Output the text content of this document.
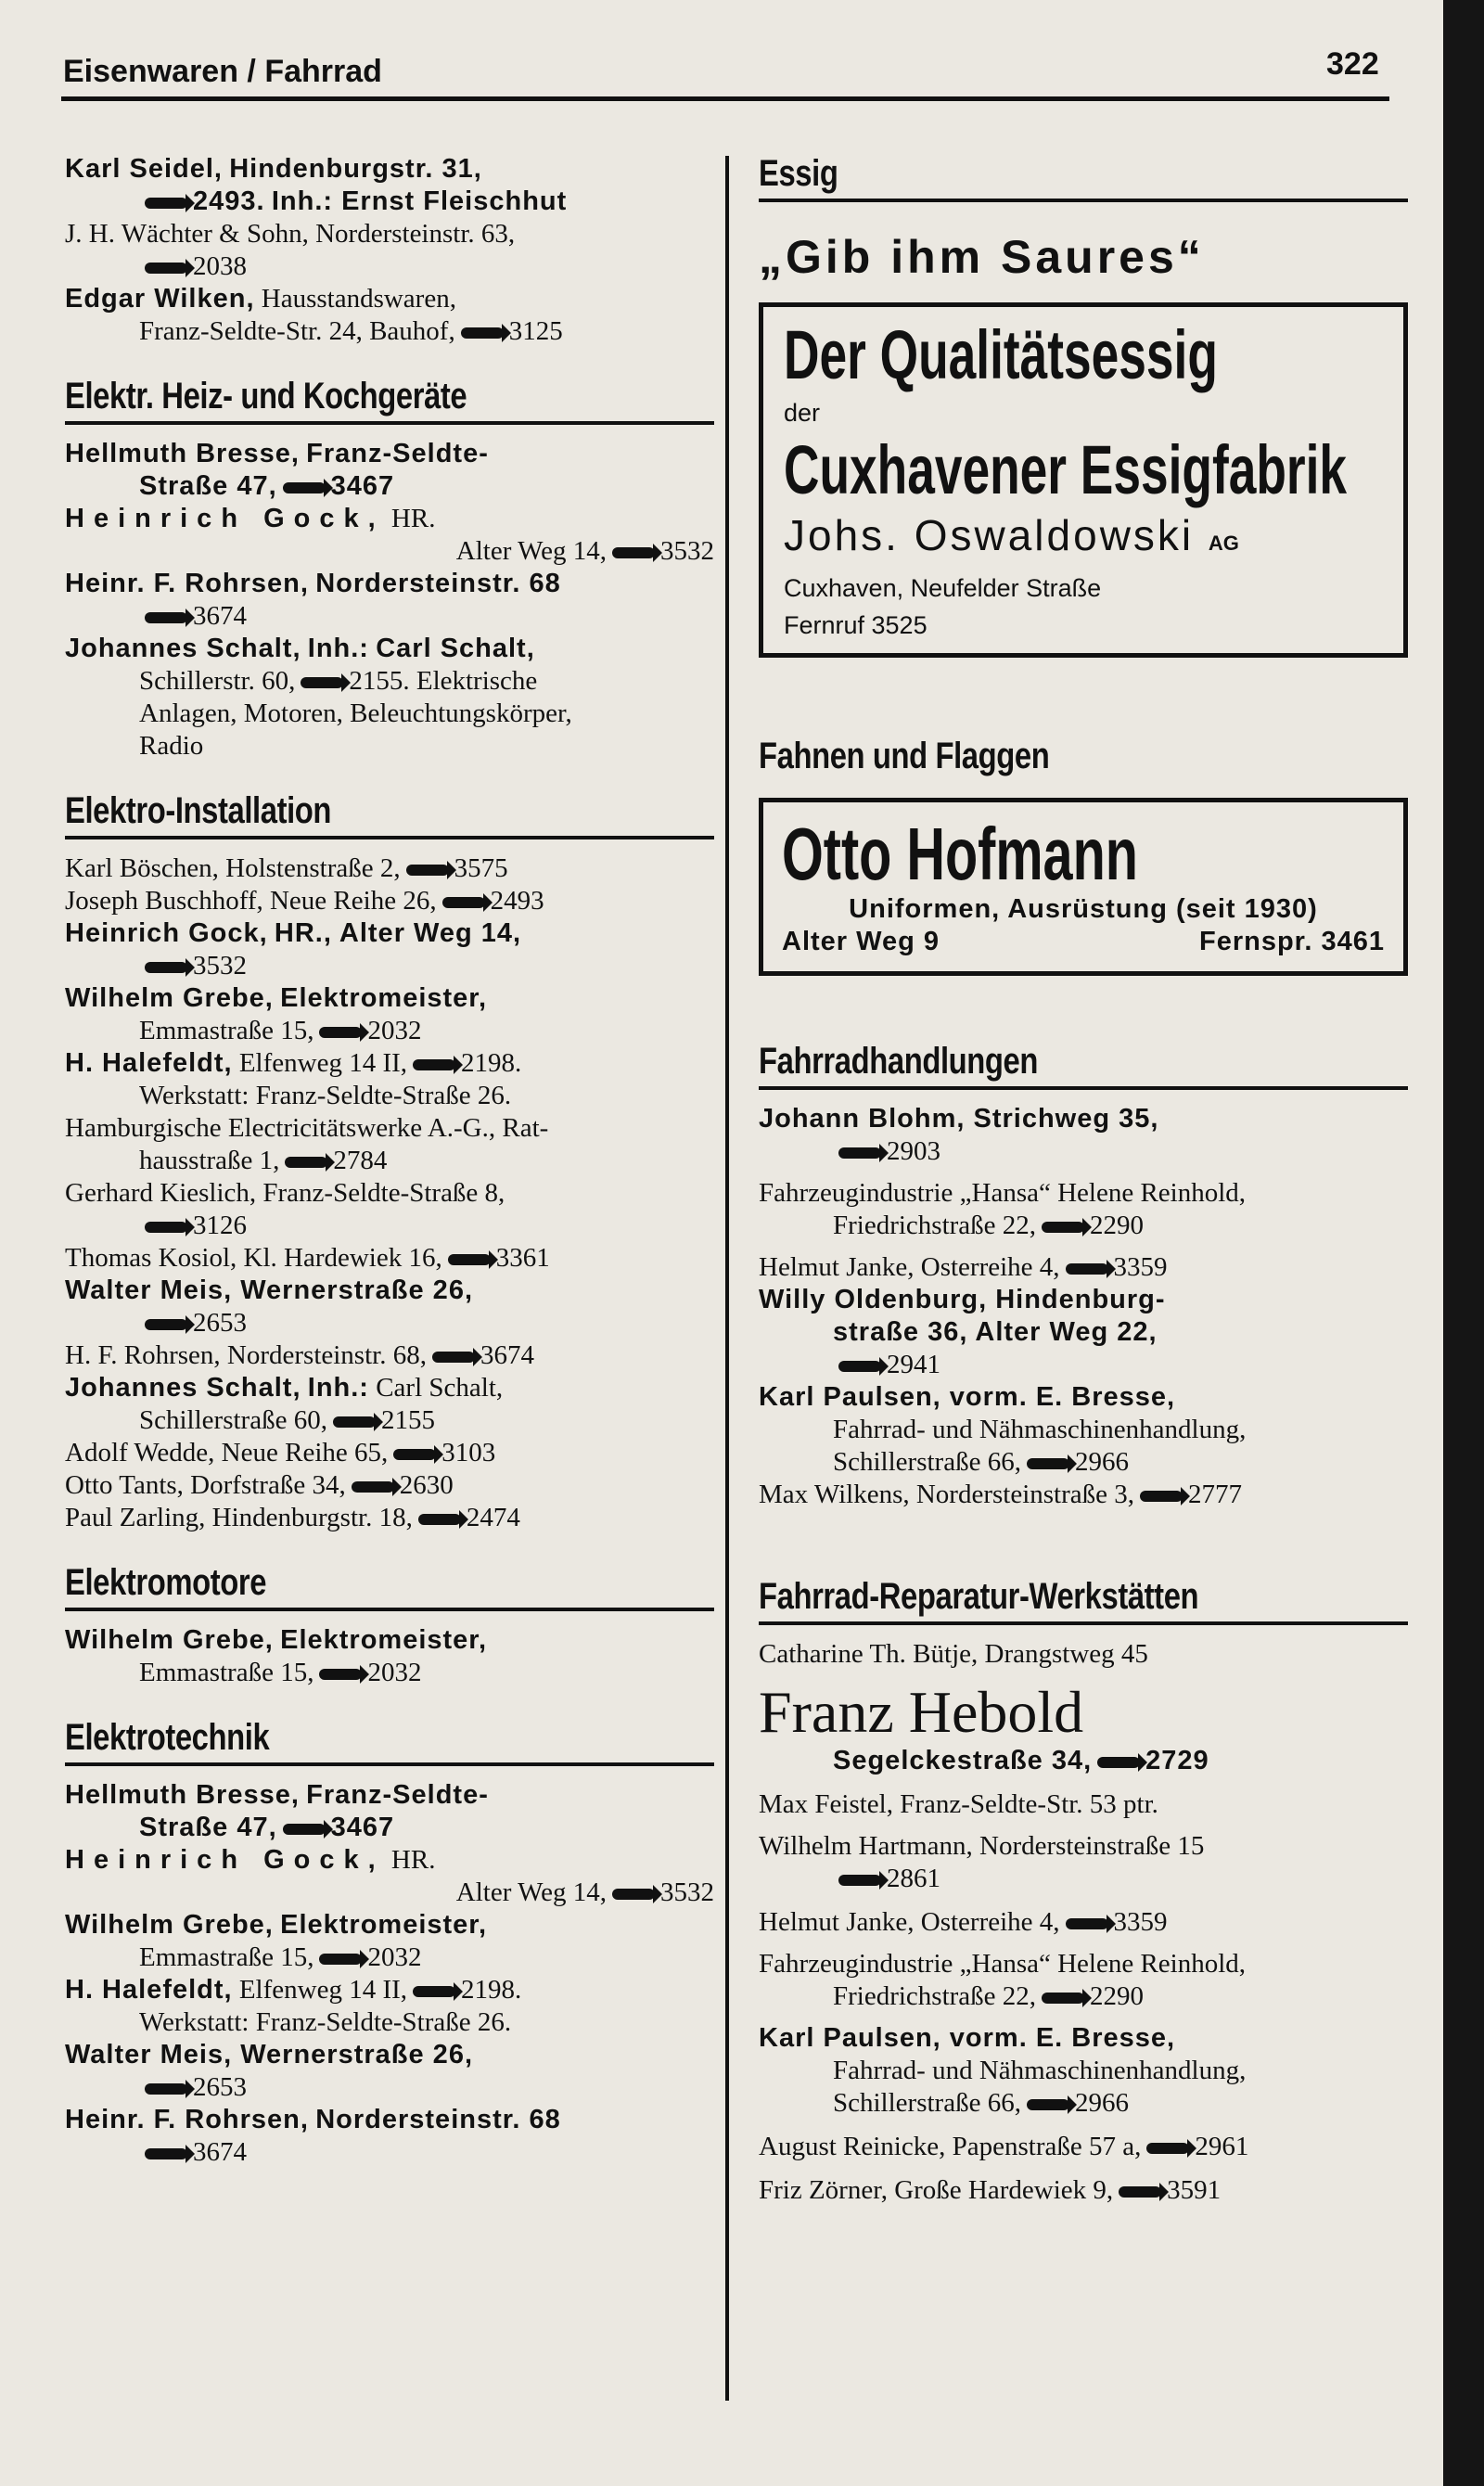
Eisenwaren / Fahrrad	322

Karl Seidel, Hindenburgstr. 31,
2493. Inh.: Ernst Fleischhut

J. H. Wächter & Sohn, Nordersteinstr. 63,
2038

Edgar Wilken, Hausstandswaren,
Franz-Seldte-Str. 24, Bauhof, 3125

Elektr. Heiz- und Kochgeräte

Hellmuth Bresse, Franz-Seldte-
Straße 47, 3467

Heinrich Gock, HR.
Alter Weg 14, 3532

Heinr. F. Rohrsen, Nordersteinstr. 68
3674

Johannes Schalt, Inh.: Carl Schalt,
Schillerstr. 60, 2155. Elektrische
Anlagen, Motoren, Beleuchtungskörper,
Radio

Elektro-Installation

Karl Böschen, Holstenstraße 2, 3575

Joseph Buschhoff, Neue Reihe 26, 2493

Heinrich Gock, HR., Alter Weg 14,
3532

Wilhelm Grebe, Elektromeister,
Emmastraße 15, 2032

H. Halefeldt, Elfenweg 14 II, 2198.
Werkstatt: Franz-Seldte-Straße 26.

Hamburgische Electricitätswerke A.-G., Rat-
hausstraße 1, 2784

Gerhard Kieslich, Franz-Seldte-Straße 8,
3126

Thomas Kosiol, Kl. Hardewiek 16, 3361

Walter Meis, Wernerstraße 26,
2653

H. F. Rohrsen, Nordersteinstr. 68, 3674

Johannes Schalt, Inh.: Carl Schalt,
Schillerstraße 60, 2155

Adolf Wedde, Neue Reihe 65, 3103

Otto Tants, Dorfstraße 34, 2630

Paul Zarling, Hindenburgstr. 18, 2474

Elektromotore

Wilhelm Grebe, Elektromeister,
Emmastraße 15, 2032

Elektrotechnik

Hellmuth Bresse, Franz-Seldte-
Straße 47, 3467

Heinrich Gock, HR.
Alter Weg 14, 3532

Wilhelm Grebe, Elektromeister,
Emmastraße 15, 2032

H. Halefeldt, Elfenweg 14 II, 2198.
Werkstatt: Franz-Seldte-Straße 26.

Walter Meis, Wernerstraße 26,
2653

Heinr. F. Rohrsen, Nordersteinstr. 68
3674

Essig
„Gib ihm Saures“
Der Qualitätsessig
der
Cuxhavener Essigfabrik
Johs. Oswaldowski AG
Cuxhaven, Neufelder Straße
Fernruf 3525
Fahnen und Flaggen
Otto Hofmann
Uniformen, Ausrüstung (seit 1930)
Alter Weg 9	Fernspr. 3461
Fahrradhandlungen

Johann Blohm, Strichweg 35,
2903

Fahrzeugindustrie „Hansa“ Helene Reinhold,
Friedrichstraße 22, 2290

Helmut Janke, Osterreihe 4, 3359

Willy Oldenburg, Hindenburg-
straße 36, Alter Weg 22,
2941

Karl Paulsen, vorm. E. Bresse,
Fahrrad- und Nähmaschinenhandlung,
Schillerstraße 66, 2966

Max Wilkens, Nordersteinstraße 3, 2777

Fahrrad-Reparatur-Werkstätten

Catharine Th. Bütje, Drangstweg 45

Franz Hebold

Segelckestraße 34, 2729

Max Feistel, Franz-Seldte-Str. 53 ptr.

Wilhelm Hartmann, Nordersteinstraße 15
2861

Helmut Janke, Osterreihe 4, 3359

Fahrzeugindustrie „Hansa“ Helene Reinhold,
Friedrichstraße 22, 2290

Karl Paulsen, vorm. E. Bresse,
Fahrrad- und Nähmaschinenhandlung,
Schillerstraße 66, 2966

August Reinicke, Papenstraße 57 a, 2961

Friz Zörner, Große Hardewiek 9, 3591
